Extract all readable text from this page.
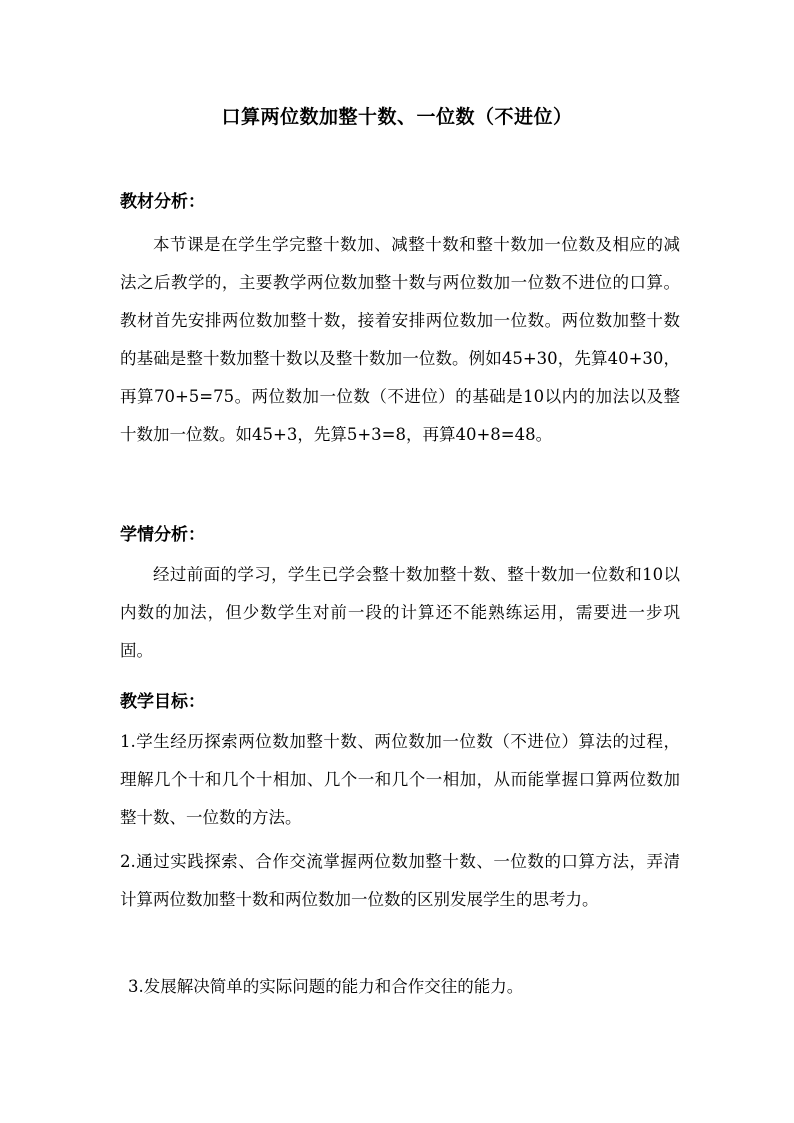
口算两位数加整十数、一位数（不进位）
教材分析：
本节课是在学生学完整十数加、减整十数和整十数加一位数及相应的减法之后教学的，主要教学两位数加整十数与两位数加一位数不进位的口算。教材首先安排两位数加整十数，接着安排两位数加一位数。两位数加整十数的基础是整十数加整十数以及整十数加一位数。例如45+30，先算40+30，再算70+5=75。两位数加一位数（不进位）的基础是10以内的加法以及整十数加一位数。如45+3，先算5+3=8，再算40+8=48。
学情分析：
经过前面的学习，学生已学会整十数加整十数、整十数加一位数和10以内数的加法，但少数学生对前一段的计算还不能熟练运用，需要进一步巩固。
教学目标：
1.学生经历探索两位数加整十数、两位数加一位数（不进位）算法的过程，理解几个十和几个十相加、几个一和几个一相加，从而能掌握口算两位数加整十数、一位数的方法。
2.通过实践探索、合作交流掌握两位数加整十数、一位数的口算方法，弄清计算两位数加整十数和两位数加一位数的区别发展学生的思考力。
3.发展解决简单的实际问题的能力和合作交往的能力。
